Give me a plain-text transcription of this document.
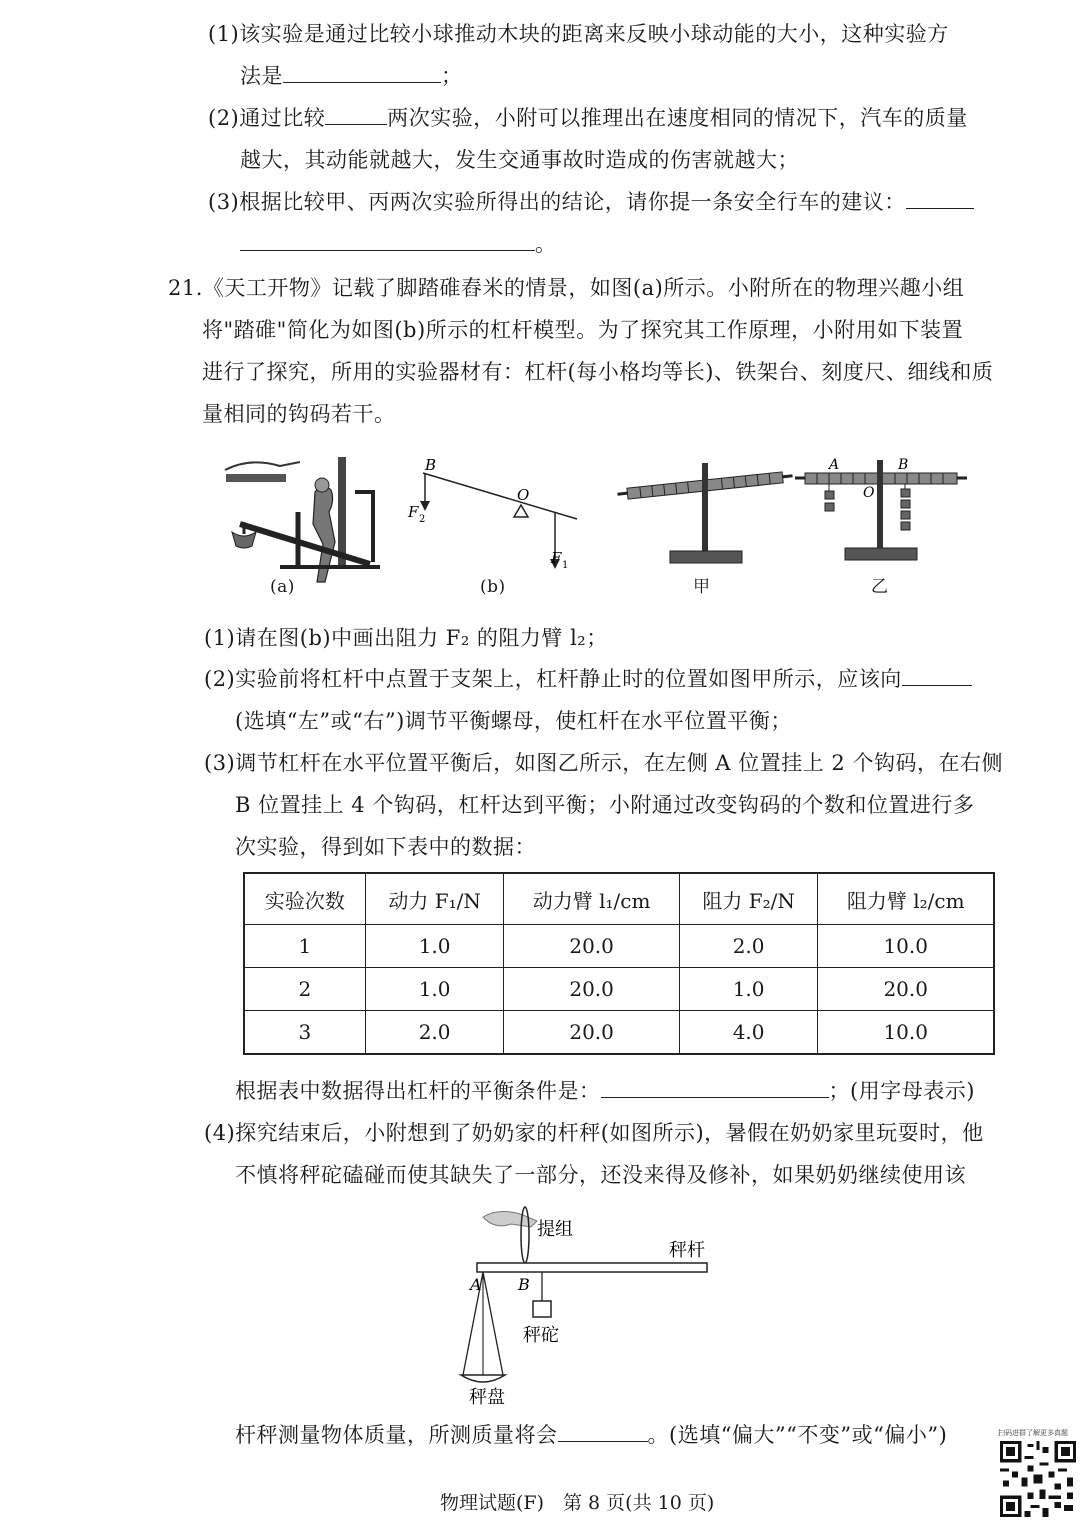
(1)该实验是通过比较小球推动木块的距离来反映小球动能的大小，这种实验方
法是	；
(2)通过比较	两次实验，小附可以推理出在速度相同的情况下，汽车的质量
越大，其动能就越大，发生交通事故时造成的伤害就越大；
(3)根据比较甲、丙两次实验所得出的结论，请你提一条安全行车的建议：
。
21.《天工开物》记载了脚踏碓舂米的情景，如图(a)所示。小附所在的物理兴趣小组
将"踏碓"简化为如图(b)所示的杠杆模型。为了探究其工作原理，小附用如下装置
进行了探究，所用的实验器材有：杠杆(每小格均等长)、铁架台、刻度尺、细线和质
量相同的钩码若干。
(a)
B
O
F 2
F 1
(b)	甲
A	B
O
乙
(1)请在图(b)中画出阻力 F₂ 的阻力臂 l₂；
(2)实验前将杠杆中点置于支架上，杠杆静止时的位置如图甲所示，应该向
(选填“左”或“右”)调节平衡螺母，使杠杆在水平位置平衡；
(3)调节杠杆在水平位置平衡后，如图乙所示，在左侧 A 位置挂上 2 个钩码，在右侧
B 位置挂上 4 个钩码，杠杆达到平衡；小附通过改变钩码的个数和位置进行多
次实验，得到如下表中的数据：
实验次数	动力 F₁/N	动力臂 l₁/cm	阻力 F₂/N	阻力臂 l₂/cm
1	1.0	20.0	2.0	10.0
2	1.0	20.0	1.0	20.0
3	2.0	20.0	4.0	10.0
根据表中数据得出杠杆的平衡条件是：	；(用字母表示)
(4)探究结束后，小附想到了奶奶家的杆秤(如图所示)，暑假在奶奶家里玩耍时，他
不慎将秤砣磕碰而使其缺失了一部分，还没来得及修补，如果奶奶继续使用该
提组
秤杆
A B
秤砣
秤盘
杆秤测量物体质量，所测质量将会	。(选填“偏大”“不变”或“偏小”)	扫码进群了解更多真题
物理试题(F)　第 8 页(共 10 页)
